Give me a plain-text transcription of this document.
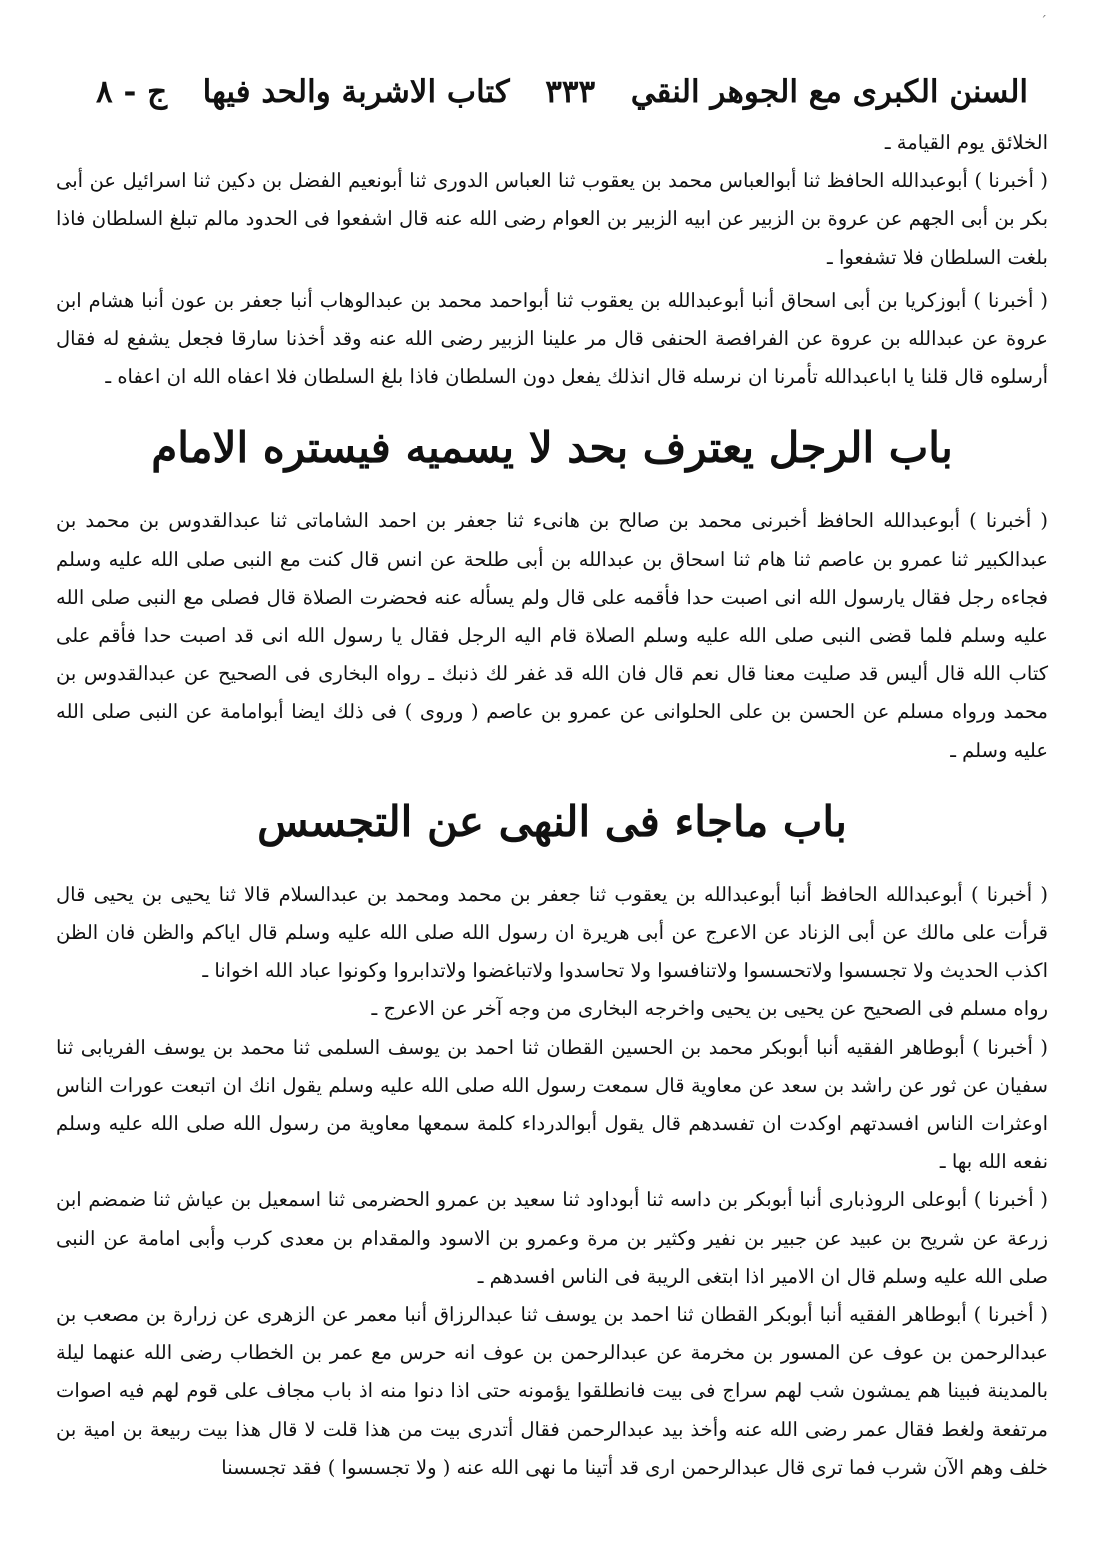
ˊ
السنن الكبرى مع الجوهر النقي
٣٣٣
كتاب الاشربة والحد فيها
ج - ٨

الخلائق يوم القيامة ـ

( أخبرنا ) أبوعبدالله الحافظ ثنا أبوالعباس محمد بن يعقوب ثنا العباس الدورى ثنا أبونعيم الفضل بن دكين ثنا اسرائيل عن أبى بكر بن أبى الجهم عن عروة بن الزبير عن ابيه الزبير بن العوام رضى الله عنه قال اشفعوا فى الحدود مالم تبلغ السلطان فاذا بلغت السلطان فلا تشفعوا ـ

( أخبرنا ) أبوزكريا بن أبى اسحاق أنبا أبوعبدالله بن يعقوب ثنا أبواحمد محمد بن عبدالوهاب أنبا جعفر بن عون أنبا هشام ابن عروة عن عبدالله بن عروة عن الفرافصة الحنفى قال مر علينا الزبير رضى الله عنه وقد أخذنا سارقا فجعل يشفع له فقال أرسلوه قال قلنا يا اباعبدالله تأمرنا ان نرسله قال انذلك يفعل دون السلطان فاذا بلغ السلطان فلا اعفاه الله ان اعفاه ـ

باب الرجل يعترف بحد لا يسميه فيستره الامام

( أخبرنا ) أبوعبدالله الحافظ أخبرنى محمد بن صالح بن هانىء ثنا جعفر بن احمد الشاماتى ثنا عبدالقدوس بن محمد بن عبدالكبير ثنا عمرو بن عاصم ثنا هام ثنا اسحاق بن عبدالله بن أبى طلحة عن انس قال كنت مع النبى صلى الله عليه وسلم فجاءه رجل فقال يارسول الله انى اصبت حدا فأقمه على قال ولم يسأله عنه فحضرت الصلاة قال فصلى مع النبى صلى الله عليه وسلم فلما قضى النبى صلى الله عليه وسلم الصلاة قام اليه الرجل فقال يا رسول الله انى قد اصبت حدا فأقم على كتاب الله قال أليس قد صليت معنا قال نعم قال فان الله قد غفر لك ذنبك ـ رواه البخارى فى الصحيح عن عبدالقدوس بن محمد ورواه مسلم عن الحسن بن على الحلوانى عن عمرو بن عاصم ( وروى ) فى ذلك ايضا أبوامامة عن النبى صلى الله عليه وسلم ـ

باب ماجاء فى النهى عن التجسس

( أخبرنا ) أبوعبدالله الحافظ أنبا أبوعبدالله بن يعقوب ثنا جعفر بن محمد ومحمد بن عبدالسلام قالا ثنا يحيى بن يحيى قال قرأت على مالك عن أبى الزناد عن الاعرج عن أبى هريرة ان رسول الله صلى الله عليه وسلم قال اياكم والظن فان الظن اكذب الحديث ولا تجسسوا ولاتحسسوا ولاتنافسوا ولا تحاسدوا ولاتباغضوا ولاتدابروا وكونوا عباد الله اخوانا ـ

رواه مسلم فى الصحيح عن يحيى بن يحيى واخرجه البخارى من وجه آخر عن الاعرج ـ

( أخبرنا ) أبوطاهر الفقيه أنبا أبوبكر محمد بن الحسين القطان ثنا احمد بن يوسف السلمى ثنا محمد بن يوسف الفريابى ثنا سفيان عن ثور عن راشد بن سعد عن معاوية قال سمعت رسول الله صلى الله عليه وسلم يقول انك ان اتبعت عورات الناس اوعثرات الناس افسدتهم اوكدت ان تفسدهم قال يقول أبوالدرداء كلمة سمعها معاوية من رسول الله صلى الله عليه وسلم نفعه الله بها ـ

( أخبرنا ) أبوعلى الروذبارى أنبا أبوبكر بن داسه ثنا أبوداود ثنا سعيد بن عمرو الحضرمى ثنا اسمعيل بن عياش ثنا ضمضم ابن زرعة عن شريح بن عبيد عن جبير بن نفير وكثير بن مرة وعمرو بن الاسود والمقدام بن معدى كرب وأبى امامة عن النبى صلى الله عليه وسلم قال ان الامير اذا ابتغى الريبة فى الناس افسدهم ـ

( أخبرنا ) أبوطاهر الفقيه أنبا أبوبكر القطان ثنا احمد بن يوسف ثنا عبدالرزاق أنبا معمر عن الزهرى عن زرارة بن مصعب بن عبدالرحمن بن عوف عن المسور بن مخرمة عن عبدالرحمن بن عوف انه حرس مع عمر بن الخطاب رضى الله عنهما ليلة بالمدينة فبينا هم يمشون شب لهم سراج فى بيت فانطلقوا يؤمونه حتى اذا دنوا منه اذ باب مجاف على قوم لهم فيه اصوات مرتفعة ولغط فقال عمر رضى الله عنه وأخذ بيد عبدالرحمن فقال أتدرى بيت من هذا قلت لا قال هذا بيت ربيعة بن امية بن خلف وهم الآن شرب فما ترى قال عبدالرحمن ارى قد أتينا ما نهى الله عنه ( ولا تجسسوا ) فقد تجسسنا
